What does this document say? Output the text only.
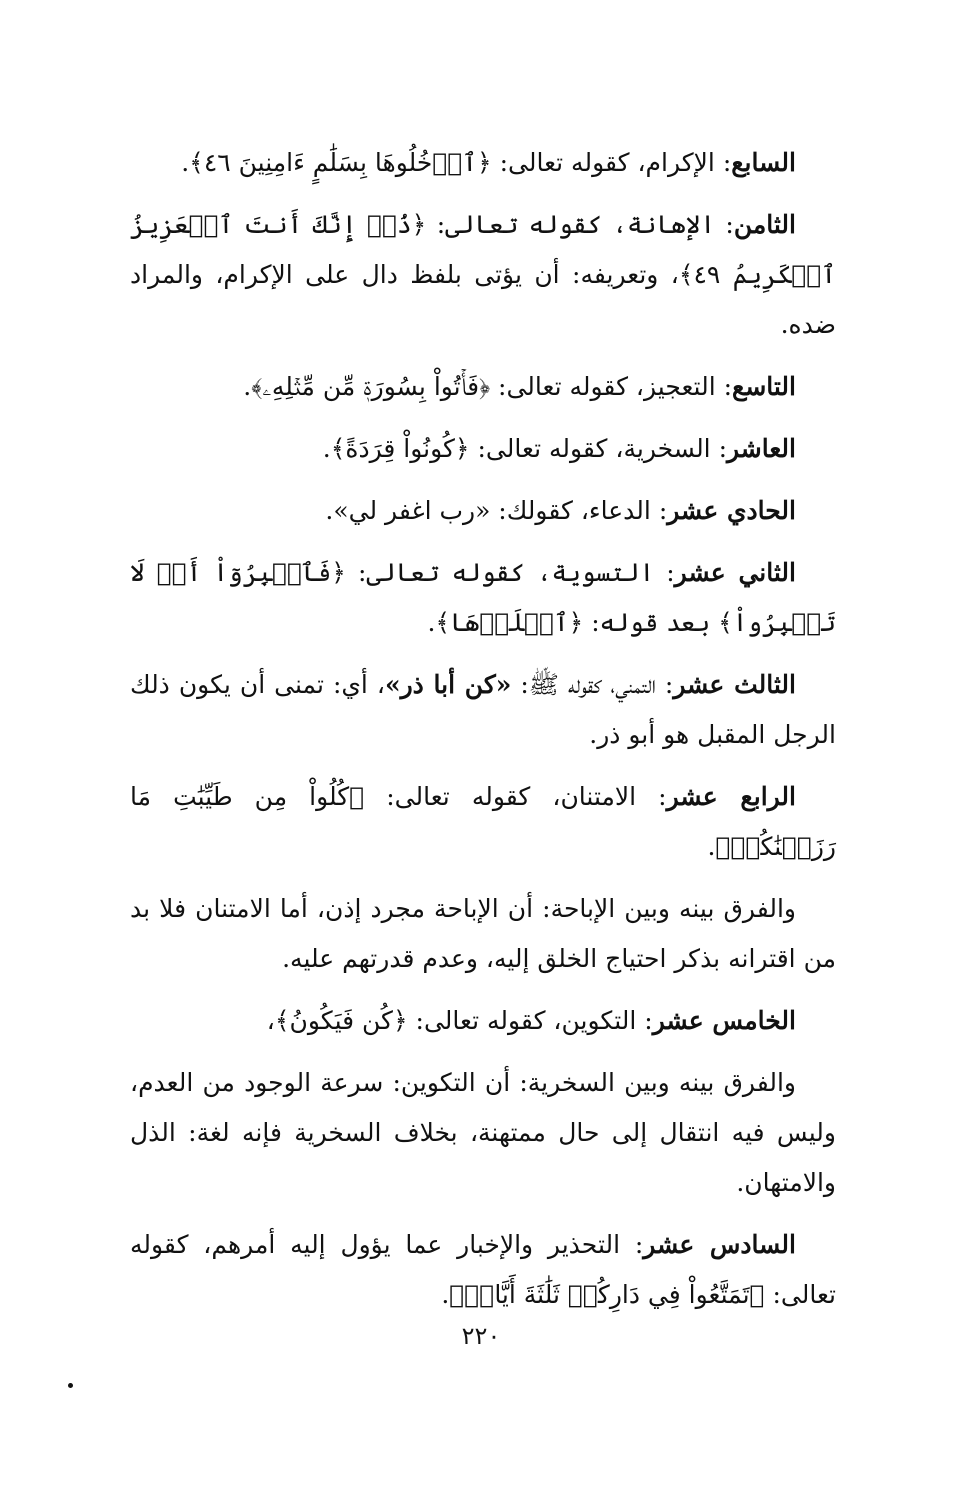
السابع: الإكرام، كقوله تعالى: ﴿ٱدۡخُلُوهَا بِسَلَٰمٍ ءَامِنِينَ ٤٦﴾.

الثامن: الإهانة، كقوله تعالى: ﴿ذُقۡ إِنَّكَ أَنتَ ٱلۡعَزِيزُ ٱلۡكَرِيمُ ٤٩﴾، وتعريفه: أن يؤتى بلفظ دال على الإكرام، والمراد ضده.

التاسع: التعجيز، كقوله تعالى: ﴿فَأۡتُواْ بِسُورَةٖ مِّن مِّثۡلِهِۦ﴾.

العاشر: السخرية، كقوله تعالى: ﴿كُونُواْ قِرَدَةً﴾.

الحادي عشر: الدعاء، كقولك: «رب اغفر لي».

الثاني عشر: التسوية، كقوله تعالى: ﴿فَٱصۡبِرُوٓاْ أَوۡ لَا تَصۡبِرُواْ﴾ بعد قوله: ﴿ٱصۡلَوۡهَا﴾.

الثالث عشر: التمني، كقوله ﷺ: «كن أبا ذر»، أي: تمنى أن يكون ذلك الرجل المقبل هو أبو ذر.

الرابع عشر: الامتنان، كقوله تعالى: ﴿كُلُواْ مِن طَيِّبَٰتِ مَا رَزَقۡنَٰكُمۡ﴾.

والفرق بينه وبين الإباحة: أن الإباحة مجرد إذن، أما الامتنان فلا بد من اقترانه بذكر احتياج الخلق إليه، وعدم قدرتهم عليه.

الخامس عشر: التكوين، كقوله تعالى: ﴿كُن فَيَكُونُ﴾،

والفرق بينه وبين السخرية: أن التكوين: سرعة الوجود من العدم، وليس فيه انتقال إلى حال ممتهنة، بخلاف السخرية فإنه لغة: الذل والامتهان.

السادس عشر: التحذير والإخبار عما يؤول إليه أمرهم، كقوله تعالى: ﴿تَمَتَّعُواْ فِي دَارِكُمۡ ثَلَٰثَةَ أَيَّامٖ﴾.

٢٢٠
